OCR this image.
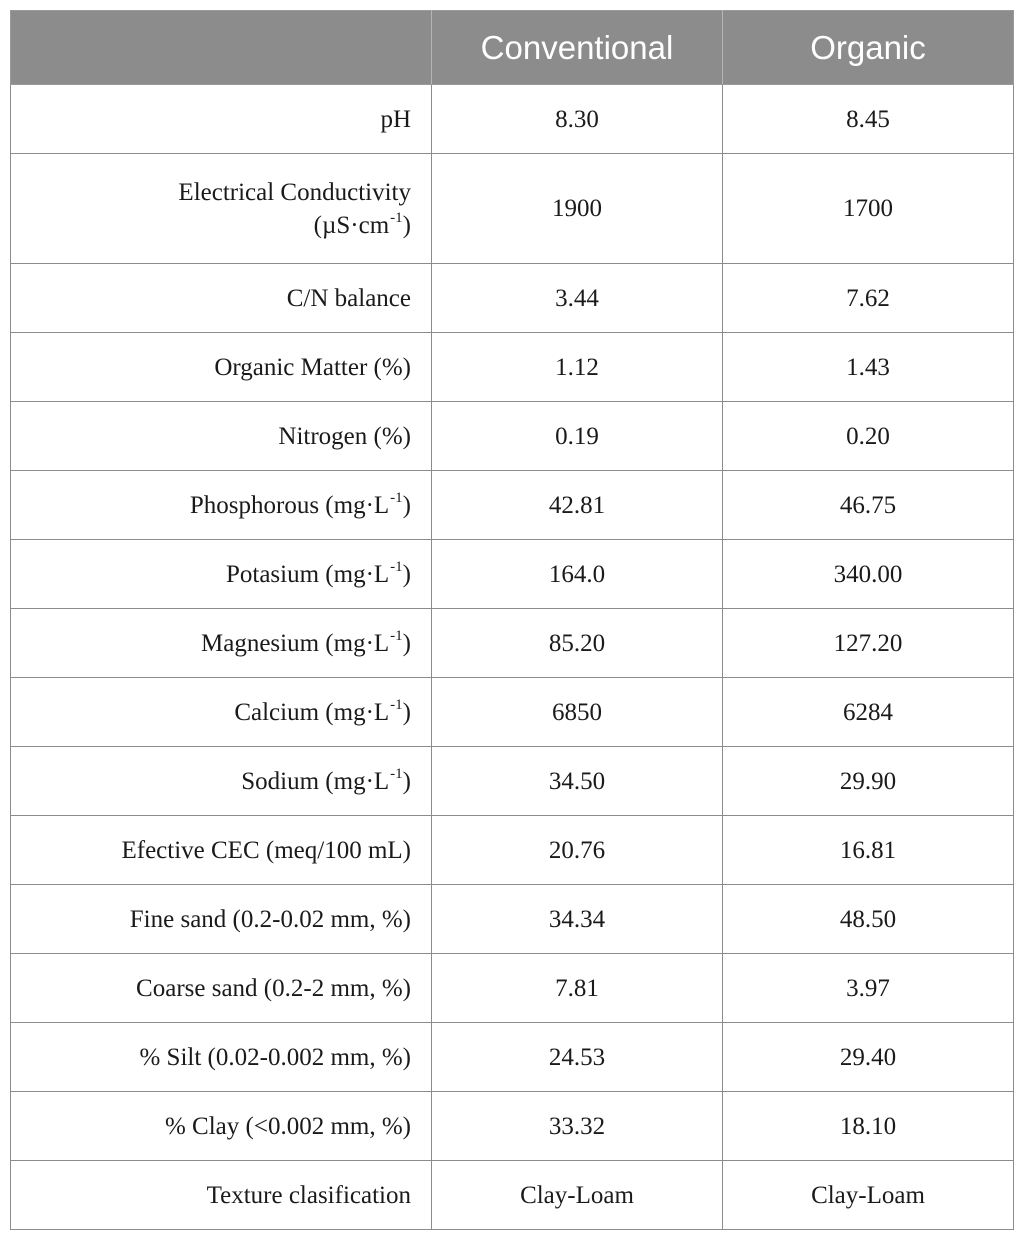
	Conventional	Organic
pH	8.30	8.45

Electrical Conductivity
$(\mu S\cdot cm^{-1})$	1900	1700
C/N balance	3.44	7.62
Organic Matter (%)	1.12	1.43
Nitrogen (%)	0.19	0.20
Phosphorous $(mg\cdot L^{-1})$	42.81	46.75
Potasium $(mg\cdot L^{-1})$	164.0	340.00
Magnesium $(mg\cdot L^{-1})$	85.20	127.20
Calcium $(mg\cdot L^{-1})$	6850	6284
Sodium $(mg\cdot L^{-1})$	34.50	29.90
Efective CEC (meq/100 mL)	20.76	16.81
Fine sand (0.2-0.02 mm, %)	34.34	48.50
Coarse sand (0.2-2 mm, %)	7.81	3.97
% Silt (0.02-0.002 mm, %)	24.53	29.40
% Clay (<0.002 mm, %)	33.32	18.10
Texture clasification	Clay-Loam	Clay-Loam
